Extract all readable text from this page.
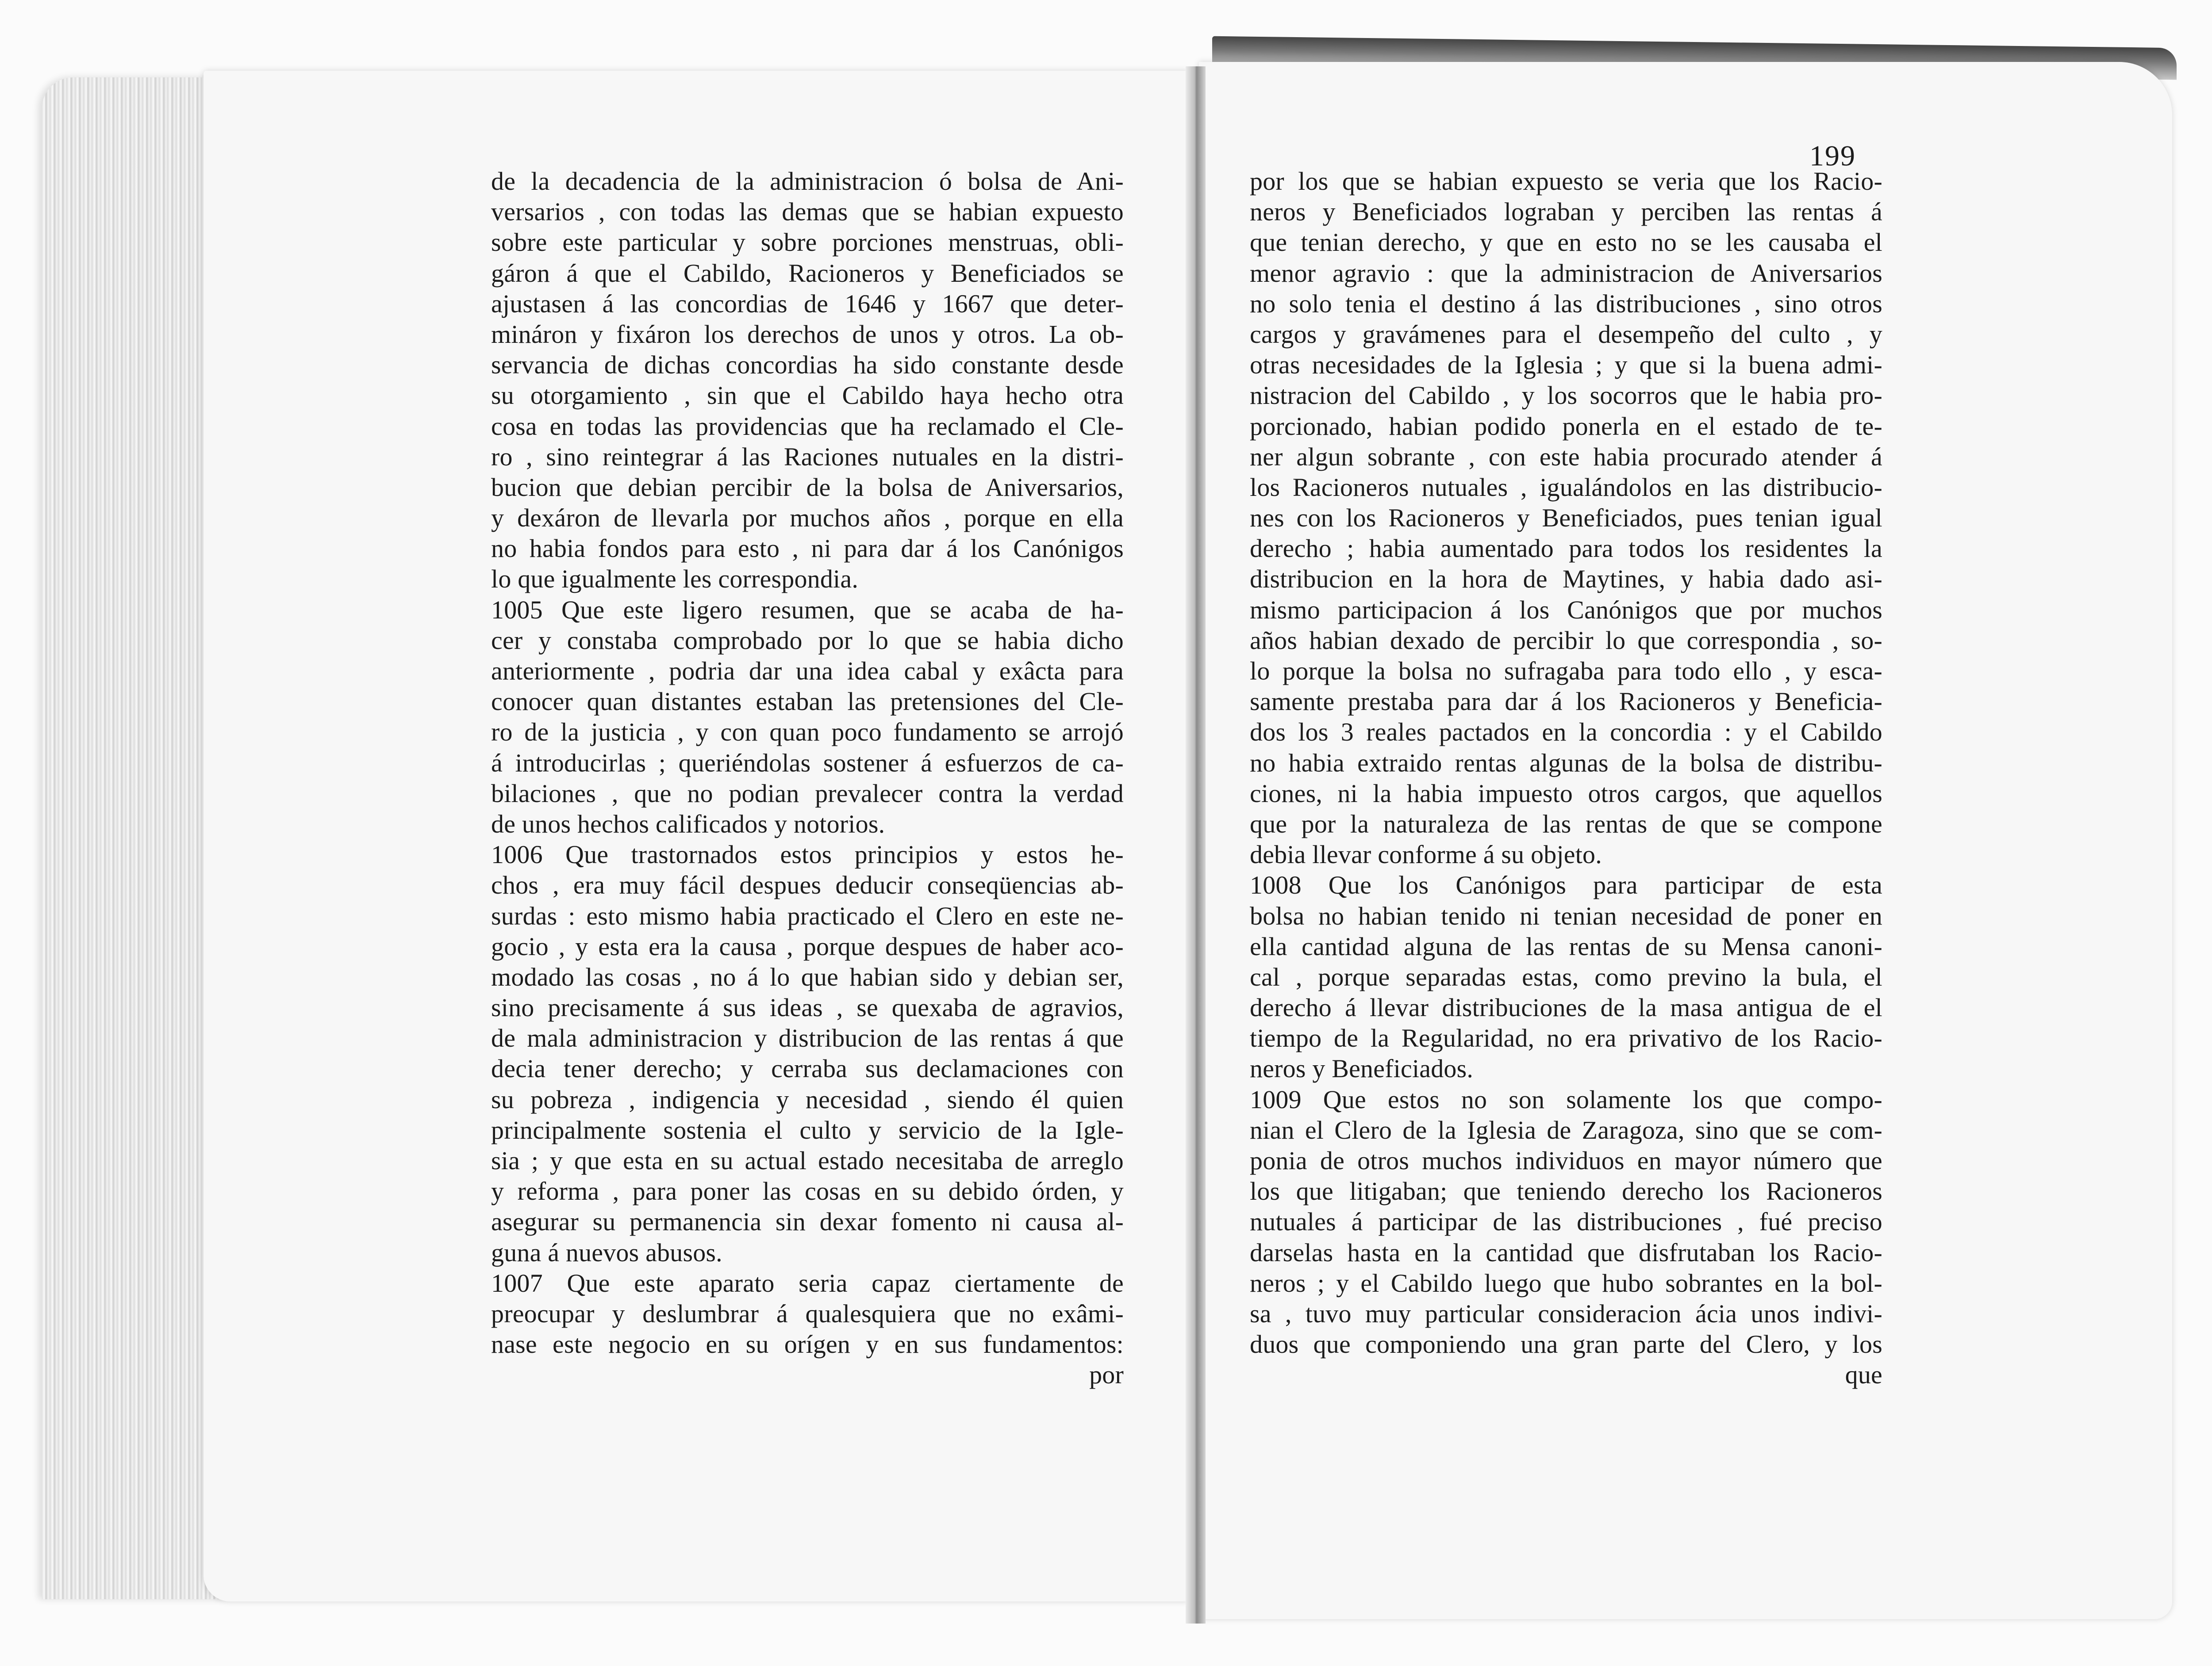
de la decadencia de la administracion ó bolsa de Ani-
versarios , con todas las demas que se habian expuesto
sobre este particular y sobre porciones menstruas, obli-
gáron á que el Cabildo, Racioneros y Beneficiados se
ajustasen á las concordias de 1646 y 1667 que deter-
mináron y fixáron los derechos de unos y otros. La ob-
servancia de dichas concordias ha sido constante desde
su otorgamiento , sin que el Cabildo haya hecho otra
cosa en todas las providencias que ha reclamado el Cle-
ro , sino reintegrar á las Raciones nutuales en la distri-
bucion que debian percibir de la bolsa de Aniversarios,
y dexáron de llevarla por muchos años , porque en ella
no habia fondos para esto , ni para dar á los Canónigos
lo que igualmente les correspondia.
1005 Que este ligero resumen, que se acaba de ha-
cer y constaba comprobado por lo que se habia dicho
anteriormente , podria dar una idea cabal y exâcta para
conocer quan distantes estaban las pretensiones del Cle-
ro de la justicia , y con quan poco fundamento se arrojó
á introducirlas ; queriéndolas sostener á esfuerzos de ca-
bilaciones , que no podian prevalecer contra la verdad
de unos hechos calificados y notorios.
1006 Que trastornados estos principios y estos he-
chos , era muy fácil despues deducir conseqüencias ab-
surdas : esto mismo habia practicado el Clero en este ne-
gocio , y esta era la causa , porque despues de haber aco-
modado las cosas , no á lo que habian sido y debian ser,
sino precisamente á sus ideas , se quexaba de agravios,
de mala administracion y distribucion de las rentas á que
decia tener derecho; y cerraba sus declamaciones con
su pobreza , indigencia y necesidad , siendo él quien
principalmente sostenia el culto y servicio de la Igle-
sia ; y que esta en su actual estado necesitaba de arreglo
y reforma , para poner las cosas en su debido órden, y
asegurar su permanencia sin dexar fomento ni causa al-
guna á nuevos abusos.
1007 Que este aparato seria capaz ciertamente de
preocupar y deslumbrar á qualesquiera que no exâmi-
nase este negocio en su orígen y en sus fundamentos:
por
199
por los que se habian expuesto se veria que los Racio-
neros y Beneficiados lograban y perciben las rentas á
que tenian derecho, y que en esto no se les causaba el
menor agravio : que la administracion de Aniversarios
no solo tenia el destino á las distribuciones , sino otros
cargos y gravámenes para el desempeño del culto , y
otras necesidades de la Iglesia ; y que si la buena admi-
nistracion del Cabildo , y los socorros que le habia pro-
porcionado, habian podido ponerla en el estado de te-
ner algun sobrante , con este habia procurado atender á
los Racioneros nutuales , igualándolos en las distribucio-
nes con los Racioneros y Beneficiados, pues tenian igual
derecho ; habia aumentado para todos los residentes la
distribucion en la hora de Maytines, y habia dado asi-
mismo participacion á los Canónigos que por muchos
años habian dexado de percibir lo que correspondia , so-
lo porque la bolsa no sufragaba para todo ello , y esca-
samente prestaba para dar á los Racioneros y Beneficia-
dos los 3 reales pactados en la concordia : y el Cabildo
no habia extraido rentas algunas de la bolsa de distribu-
ciones, ni la habia impuesto otros cargos, que aquellos
que por la naturaleza de las rentas de que se compone
debia llevar conforme á su objeto.
1008 Que los Canónigos para participar de esta
bolsa no habian tenido ni tenian necesidad de poner en
ella cantidad alguna de las rentas de su Mensa canoni-
cal , porque separadas estas, como previno la bula, el
derecho á llevar distribuciones de la masa antigua de el
tiempo de la Regularidad, no era privativo de los Racio-
neros y Beneficiados.
1009 Que estos no son solamente los que compo-
nian el Clero de la Iglesia de Zaragoza, sino que se com-
ponia de otros muchos individuos en mayor número que
los que litigaban; que teniendo derecho los Racioneros
nutuales á participar de las distribuciones , fué preciso
darselas hasta en la cantidad que disfrutaban los Racio-
neros ; y el Cabildo luego que hubo sobrantes en la bol-
sa , tuvo muy particular consideracion ácia unos indivi-
duos que componiendo una gran parte del Clero, y los
que
